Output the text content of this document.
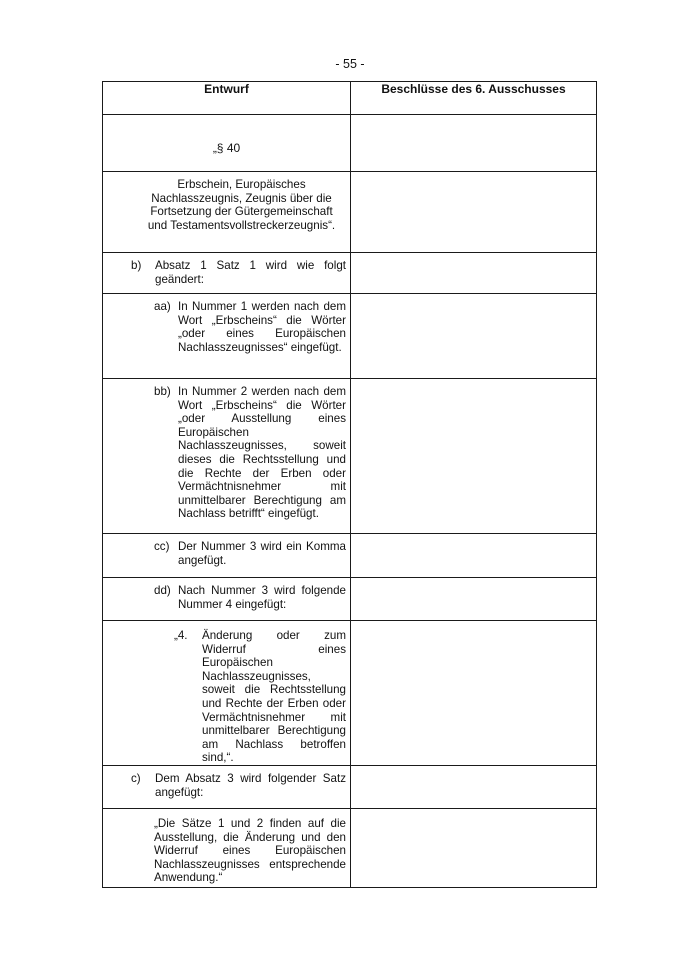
- 55 -
Entwurf	Beschlüsse des 6. Ausschusses

„§ 40	

Erbschein, Europäisches Nachlasszeugnis, Zeugnis über die Fortsetzung der Gütergemeinschaft und Testamentsvollstreckerzeugnis“.	

b) Absatz 1 Satz 1 wird wie folgt geändert:	

aa) In Nummer 1 werden nach dem Wort „Erbscheins“ die Wörter „oder eines Europäischen Nachlasszeugnisses“ eingefügt.	

bb) In Nummer 2 werden nach dem Wort „Erbscheins“ die Wörter „oder Ausstellung eines Europäischen Nachlasszeugnisses, soweit dieses die Rechtsstellung und die Rechte der Erben oder Vermächtnisnehmer mit unmittelbarer Berechtigung am Nachlass betrifft“ eingefügt.	

cc) Der Nummer 3 wird ein Komma angefügt.	

dd) Nach Nummer 3 wird folgende Nummer 4 eingefügt:	

„4. Änderung oder zum Widerruf eines Europäischen Nachlasszeugnisses, soweit die Rechtsstellung und Rechte der Erben oder Vermächtnisnehmer mit unmittelbarer Berechtigung am Nachlass betroffen sind,“.	

c) Dem Absatz 3 wird folgender Satz angefügt:	

„Die Sätze 1 und 2 finden auf die Ausstellung, die Änderung und den Widerruf eines Europäischen Nachlasszeugnisses entsprechende Anwendung.“	
